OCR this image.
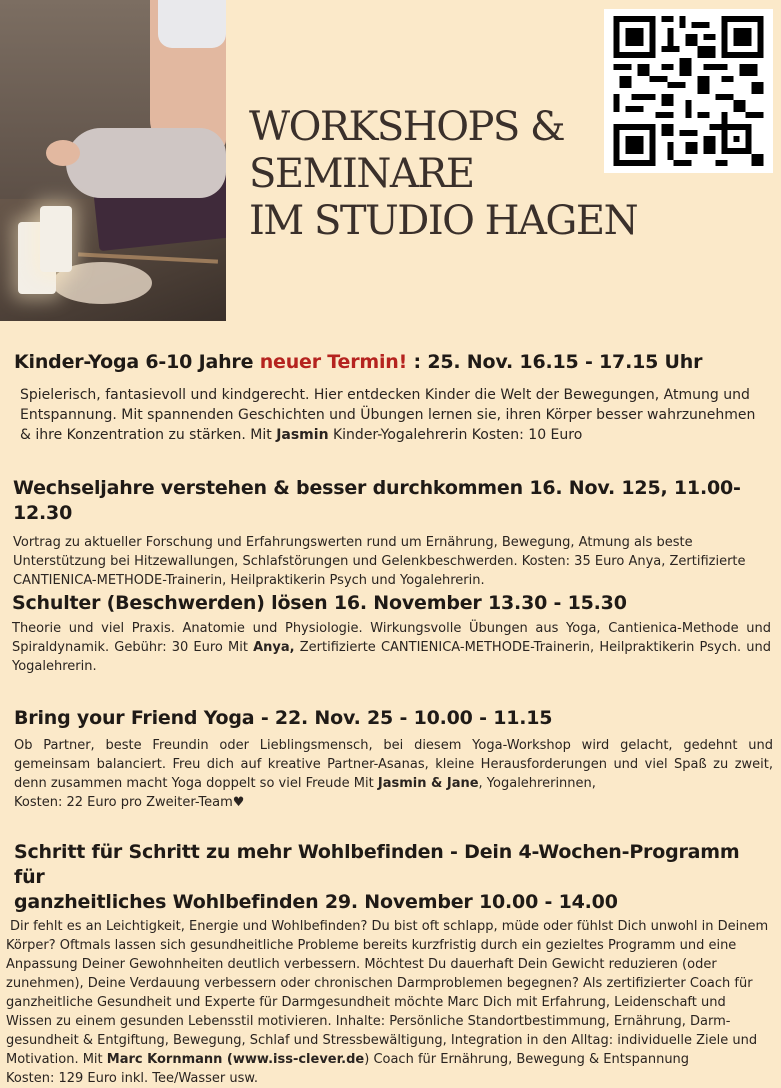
WORKSHOPS &
SEMINARE
IM STUDIO HAGEN
Kinder-Yoga 6-10 Jahre neuer Termin! : 25. Nov. 16.15 - 17.15 Uhr

Spielerisch, fantasievoll und kindgerecht. Hier entdecken Kinder die Welt der Bewegungen, Atmung und Entspannung. Mit spannenden Geschichten und Übungen lernen sie, ihren Körper besser wahrzunehmen & ihre Konzentration zu stärken. Mit Jasmin Kinder-Yogalehrerin Kosten: 10 Euro

Wechseljahre verstehen & besser durchkommen 16. Nov. 125, 11.00-12.30

Vortrag zu aktueller Forschung und Erfahrungswerten rund um Ernährung, Bewegung, Atmung als beste Unterstützung bei Hitzewallungen, Schlafstörungen und Gelenkbeschwerden. Kosten: 35 Euro Anya, Zertifizierte CANTIENICA-METHODE-Trainerin, Heilpraktikerin Psych und Yogalehrerin.

Schulter (Beschwerden) lösen 16. November 13.30 - 15.30

Theorie und viel Praxis. Anatomie und Physiologie. Wirkungsvolle Übungen aus Yoga, Cantienica-Methode und Spiraldynamik. Gebühr: 30 Euro Mit Anya, Zertifizierte CANTIENICA-METHODE-Trainerin, Heilpraktikerin Psych. und Yogalehrerin.

Bring your Friend Yoga - 22. Nov. 25 - 10.00 - 11.15

Ob Partner, beste Freundin oder Lieblingsmensch, bei diesem Yoga-Workshop wird gelacht, gedehnt und gemeinsam balanciert. Freu dich auf kreative Partner-Asanas, kleine Herausforderungen und viel Spaß zu zweit, denn zusammen macht Yoga doppelt so viel Freude Mit Jasmin & Jane, Yogalehrerinnen,

Kosten: 22 Euro pro Zweiter-Team♥

Schritt für Schritt zu mehr Wohlbefinden - Dein 4-Wochen-Programm für
ganzheitliches Wohlbefinden 29. November 10.00 - 14.00

Dir fehlt es an Leichtigkeit, Energie und Wohlbefinden? Du bist oft schlapp, müde oder fühlst Dich unwohl in Deinem Körper? Oftmals lassen sich gesundheitliche Probleme bereits kurzfristig durch ein gezieltes Programm und eine Anpassung Deiner Gewohnheiten deutlich verbessern. Möchtest Du dauerhaft Dein Gewicht reduzieren (oder zunehmen), Deine Verdauung verbessern oder chronischen Darmproblemen begegnen? Als zertifizierter Coach für ganzheitliche Gesundheit und Experte für Darmgesundheit möchte Marc Dich mit Erfahrung, Leidenschaft und Wissen zu einem gesunden Lebensstil motivieren. Inhalte: Persönliche Standortbestimmung, Ernährung, Darm-gesundheit & Entgiftung, Bewegung, Schlaf und Stressbewältigung, Integration in den Alltag: individuelle Ziele und Motivation. Mit Marc Kornmann (www.iss-clever.de) Coach für Ernährung, Bewegung & Entspannung

Kosten: 129 Euro inkl. Tee/Wasser usw.
